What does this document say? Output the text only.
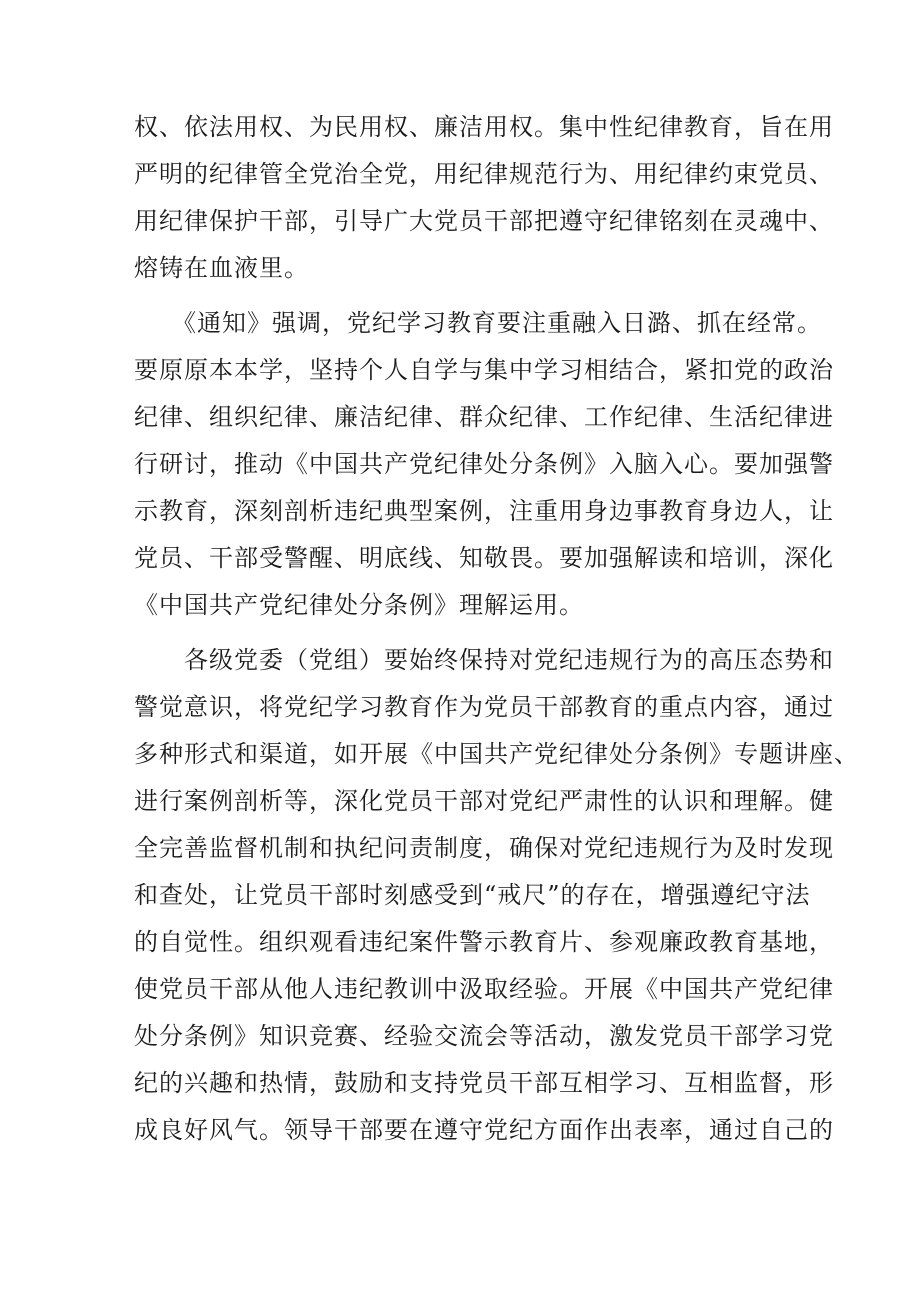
权、依法用权、为民用权、廉洁用权。集中性纪律教育，旨在用
严明的纪律管全党治全党，用纪律规范行为、用纪律约束党员、
用纪律保护干部，引导广大党员干部把遵守纪律铭刻在灵魂中、
熔铸在血液里。
　　《通知》强调，党纪学习教育要注重融入日潞、抓在经常。
要原原本本学，坚持个人自学与集中学习相结合，紧扣党的政治
纪律、组织纪律、廉洁纪律、群众纪律、工作纪律、生活纪律进
行研讨，推动《中国共产党纪律处分条例》入脑入心。要加强警
示教育，深刻剖析违纪典型案例，注重用身边事教育身边人，让
党员、干部受警醒、明底线、知敬畏。要加强解读和培训，深化
《中国共产党纪律处分条例》理解运用。
　　各级党委（党组）要始终保持对党纪违规行为的高压态势和
警觉意识，将党纪学习教育作为党员干部教育的重点内容，通过
多种形式和渠道，如开展《中国共产党纪律处分条例》专题讲座、
进行案例剖析等，深化党员干部对党纪严肃性的认识和理解。健
全完善监督机制和执纪问责制度，确保对党纪违规行为及时发现
和查处，让党员干部时刻感受到“戒尺”的存在，增强遵纪守法
的自觉性。组织观看违纪案件警示教育片、参观廉政教育基地，
使党员干部从他人违纪教训中汲取经验。开展《中国共产党纪律
处分条例》知识竞赛、经验交流会等活动，激发党员干部学习党
纪的兴趣和热情，鼓励和支持党员干部互相学习、互相监督，形
成良好风气。领导干部要在遵守党纪方面作出表率，通过自己的
